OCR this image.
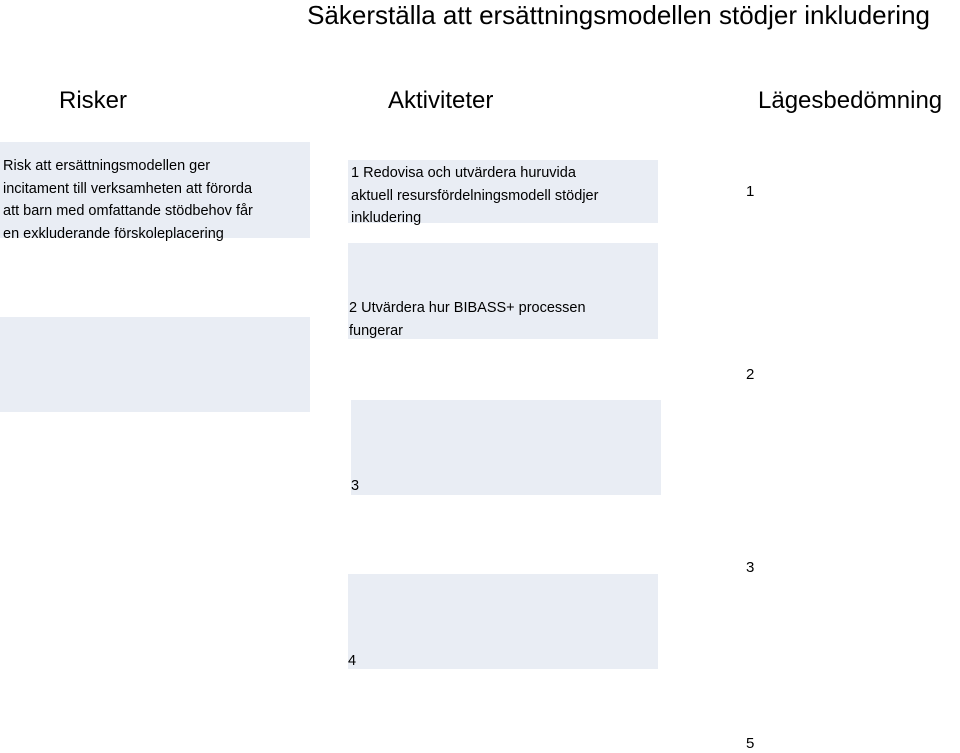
Säkerställa att ersättningsmodellen stödjer inkludering
Risker	Aktiviteter	Lägesbedömning
Risk att ersättningsmodellen ger
incitament till verksamheten att förorda
att barn med omfattande stödbehov får
en exkluderande förskoleplacering
1 Redovisa och utvärdera huruvida
aktuell resursfördelningsmodell stödjer
inkludering
2 Utvärdera hur BIBASS+ processen
fungerar
3
4
1
2
3
5
